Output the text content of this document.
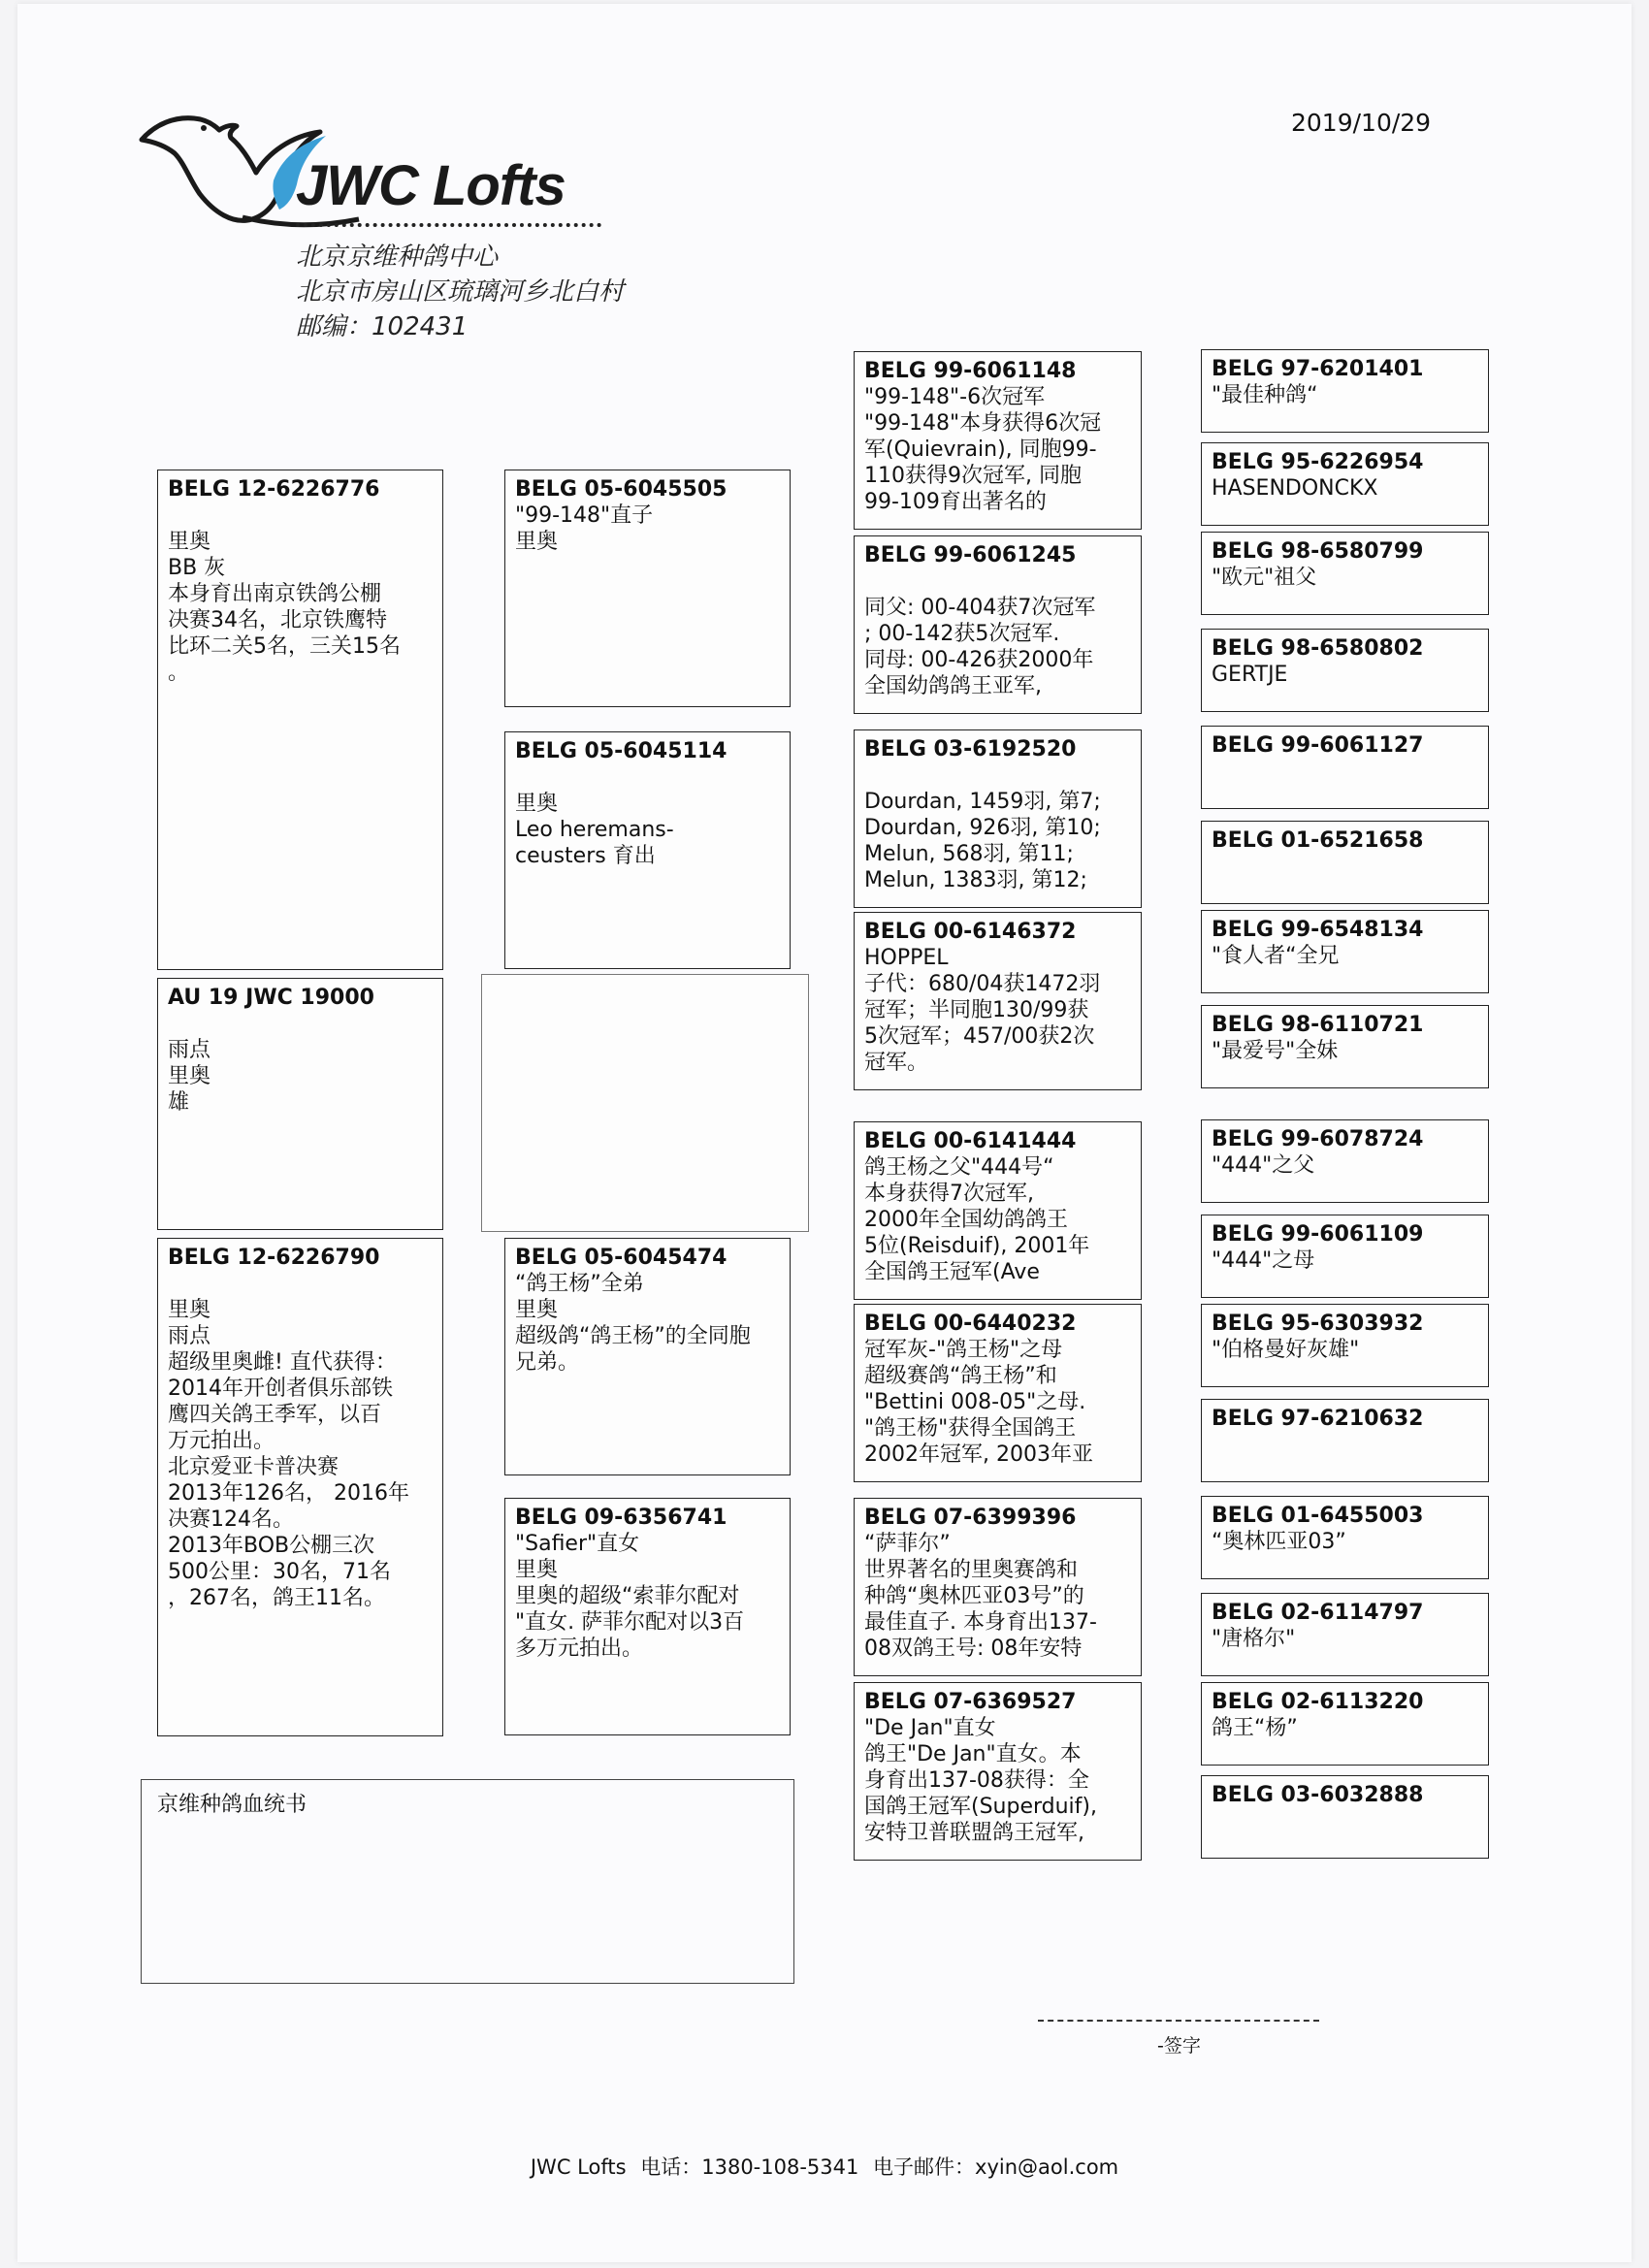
2019/10/29
JWC Lofts
北京京维种鸽中心
北京市房山区琉璃河乡北白村
邮编：102431
BELG 12-6226776
里奥
BB 灰
本身育出南京铁鸽公棚
决赛34名，北京铁鹰特
比环二关5名，三关15名
。
AU 19 JWC 19000
雨点
里奥
雄
BELG 12-6226790
里奥
雨点
超级里奥雌! 直代获得：
2014年开创者俱乐部铁
鹰四关鸽王季军，以百
万元拍出。
北京爱亚卡普决赛
2013年126名， 2016年
决赛124名。
2013年BOB公棚三次
500公里：30名，71名
，267名，鸽王11名。
BELG 05-6045505
"99-148"直子
里奥
BELG 05-6045114
里奥
Leo heremans-
ceusters 育出
BELG 05-6045474
“鸽王杨”全弟
里奥
超级鸽“鸽王杨”的全同胞
兄弟。
BELG 09-6356741
"Safier"直女
里奥
里奥的超级“索菲尔配对
"直女. 萨菲尔配对以3百
多万元拍出。
BELG 99-6061148
"99-148"-6次冠军
"99-148"本身获得6次冠
军(Quievrain), 同胞99-
110获得9次冠军, 同胞
99-109育出著名的
BELG 99-6061245
同父: 00-404获7次冠军
; 00-142获5次冠军.
同母: 00-426获2000年
全国幼鸽鸽王亚军,
BELG 03-6192520
Dourdan, 1459羽, 第7;
Dourdan, 926羽, 第10;
Melun, 568羽, 第11;
Melun, 1383羽, 第12;
BELG 00-6146372
HOPPEL
子代：680/04获1472羽
冠军；半同胞130/99获
5次冠军；457/00获2次
冠军。
BELG 00-6141444
鸽王杨之父"444号“
本身获得7次冠军,
2000年全国幼鸽鸽王
5位(Reisduif), 2001年
全国鸽王冠军(Ave
BELG 00-6440232
冠军灰-"鸽王杨"之母
超级赛鸽“鸽王杨”和
"Bettini 008-05"之母.
"鸽王杨"获得全国鸽王
2002年冠军, 2003年亚
BELG 07-6399396
“萨菲尔”
世界著名的里奥赛鸽和
种鸽“奥林匹亚03号”的
最佳直子. 本身育出137-
08双鸽王号: 08年安特
BELG 07-6369527
"De Jan"直女
鸽王"De Jan"直女。本
身育出137-08获得：全
国鸽王冠军(Superduif),
安特卫普联盟鸽王冠军,
BELG 97-6201401
"最佳种鸽“
BELG 95-6226954
HASENDONCKX
BELG 98-6580799
"欧元"祖父
BELG 98-6580802
GERTJE
BELG 99-6061127
BELG 01-6521658
BELG 99-6548134
"食人者“全兄
BELG 98-6110721
"最爱号"全妹
BELG 99-6078724
"444"之父
BELG 99-6061109
"444"之母
BELG 95-6303932
"伯格曼好灰雄"
BELG 97-6210632
BELG 01-6455003
“奥林匹亚03”
BELG 02-6114797
"唐格尔"
BELG 02-6113220
鸽王“杨”
BELG 03-6032888
京维种鸽血统书
-签字
JWC Lofts 电话：1380-108-5341 电子邮件：xyin@aol.com
